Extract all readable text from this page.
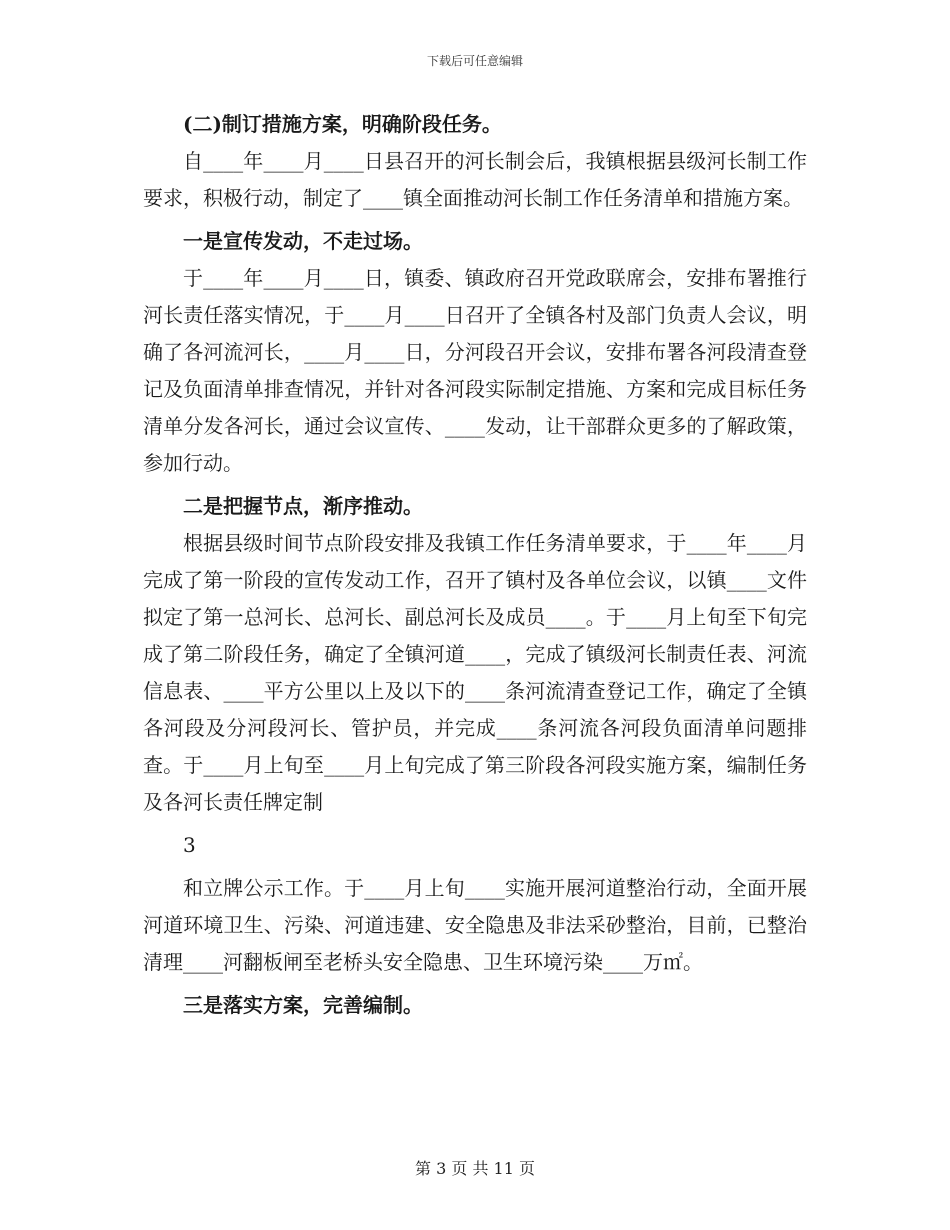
下载后可任意编辑

(二)制订措施方案，明确阶段任务。

自____年____月____日县召开的河长制会后，我镇根据县级河长制工作要求，积极行动，制定了____镇全面推动河长制工作任务清单和措施方案。

一是宣传发动，不走过场。

于____年____月____日，镇委、镇政府召开党政联席会，安排布署推行河长责任落实情况，于____月____日召开了全镇各村及部门负责人会议，明确了各河流河长，____月____日，分河段召开会议，安排布署各河段清查登记及负面清单排查情况，并针对各河段实际制定措施、方案和完成目标任务清单分发各河长，通过会议宣传、____发动，让干部群众更多的了解政策，参加行动。

二是把握节点，渐序推动。

根据县级时间节点阶段安排及我镇工作任务清单要求，于____年____月完成了第一阶段的宣传发动工作，召开了镇村及各单位会议，以镇____文件拟定了第一总河长、总河长、副总河长及成员____。于____月上旬至下旬完成了第二阶段任务，确定了全镇河道____，完成了镇级河长制责任表、河流信息表、____平方公里以上及以下的____条河流清查登记工作，确定了全镇各河段及分河段河长、管护员，并完成____条河流各河段负面清单问题排查。于____月上旬至____月上旬完成了第三阶段各河段实施方案，编制任务及各河长责任牌定制

3

和立牌公示工作。于____月上旬____实施开展河道整治行动，全面开展河道环境卫生、污染、河道违建、安全隐患及非法采砂整治，目前，已整治清理____河翻板闸至老桥头安全隐患、卫生环境污染____万㎡。

三是落实方案，完善编制。

第 3 页 共 11 页
